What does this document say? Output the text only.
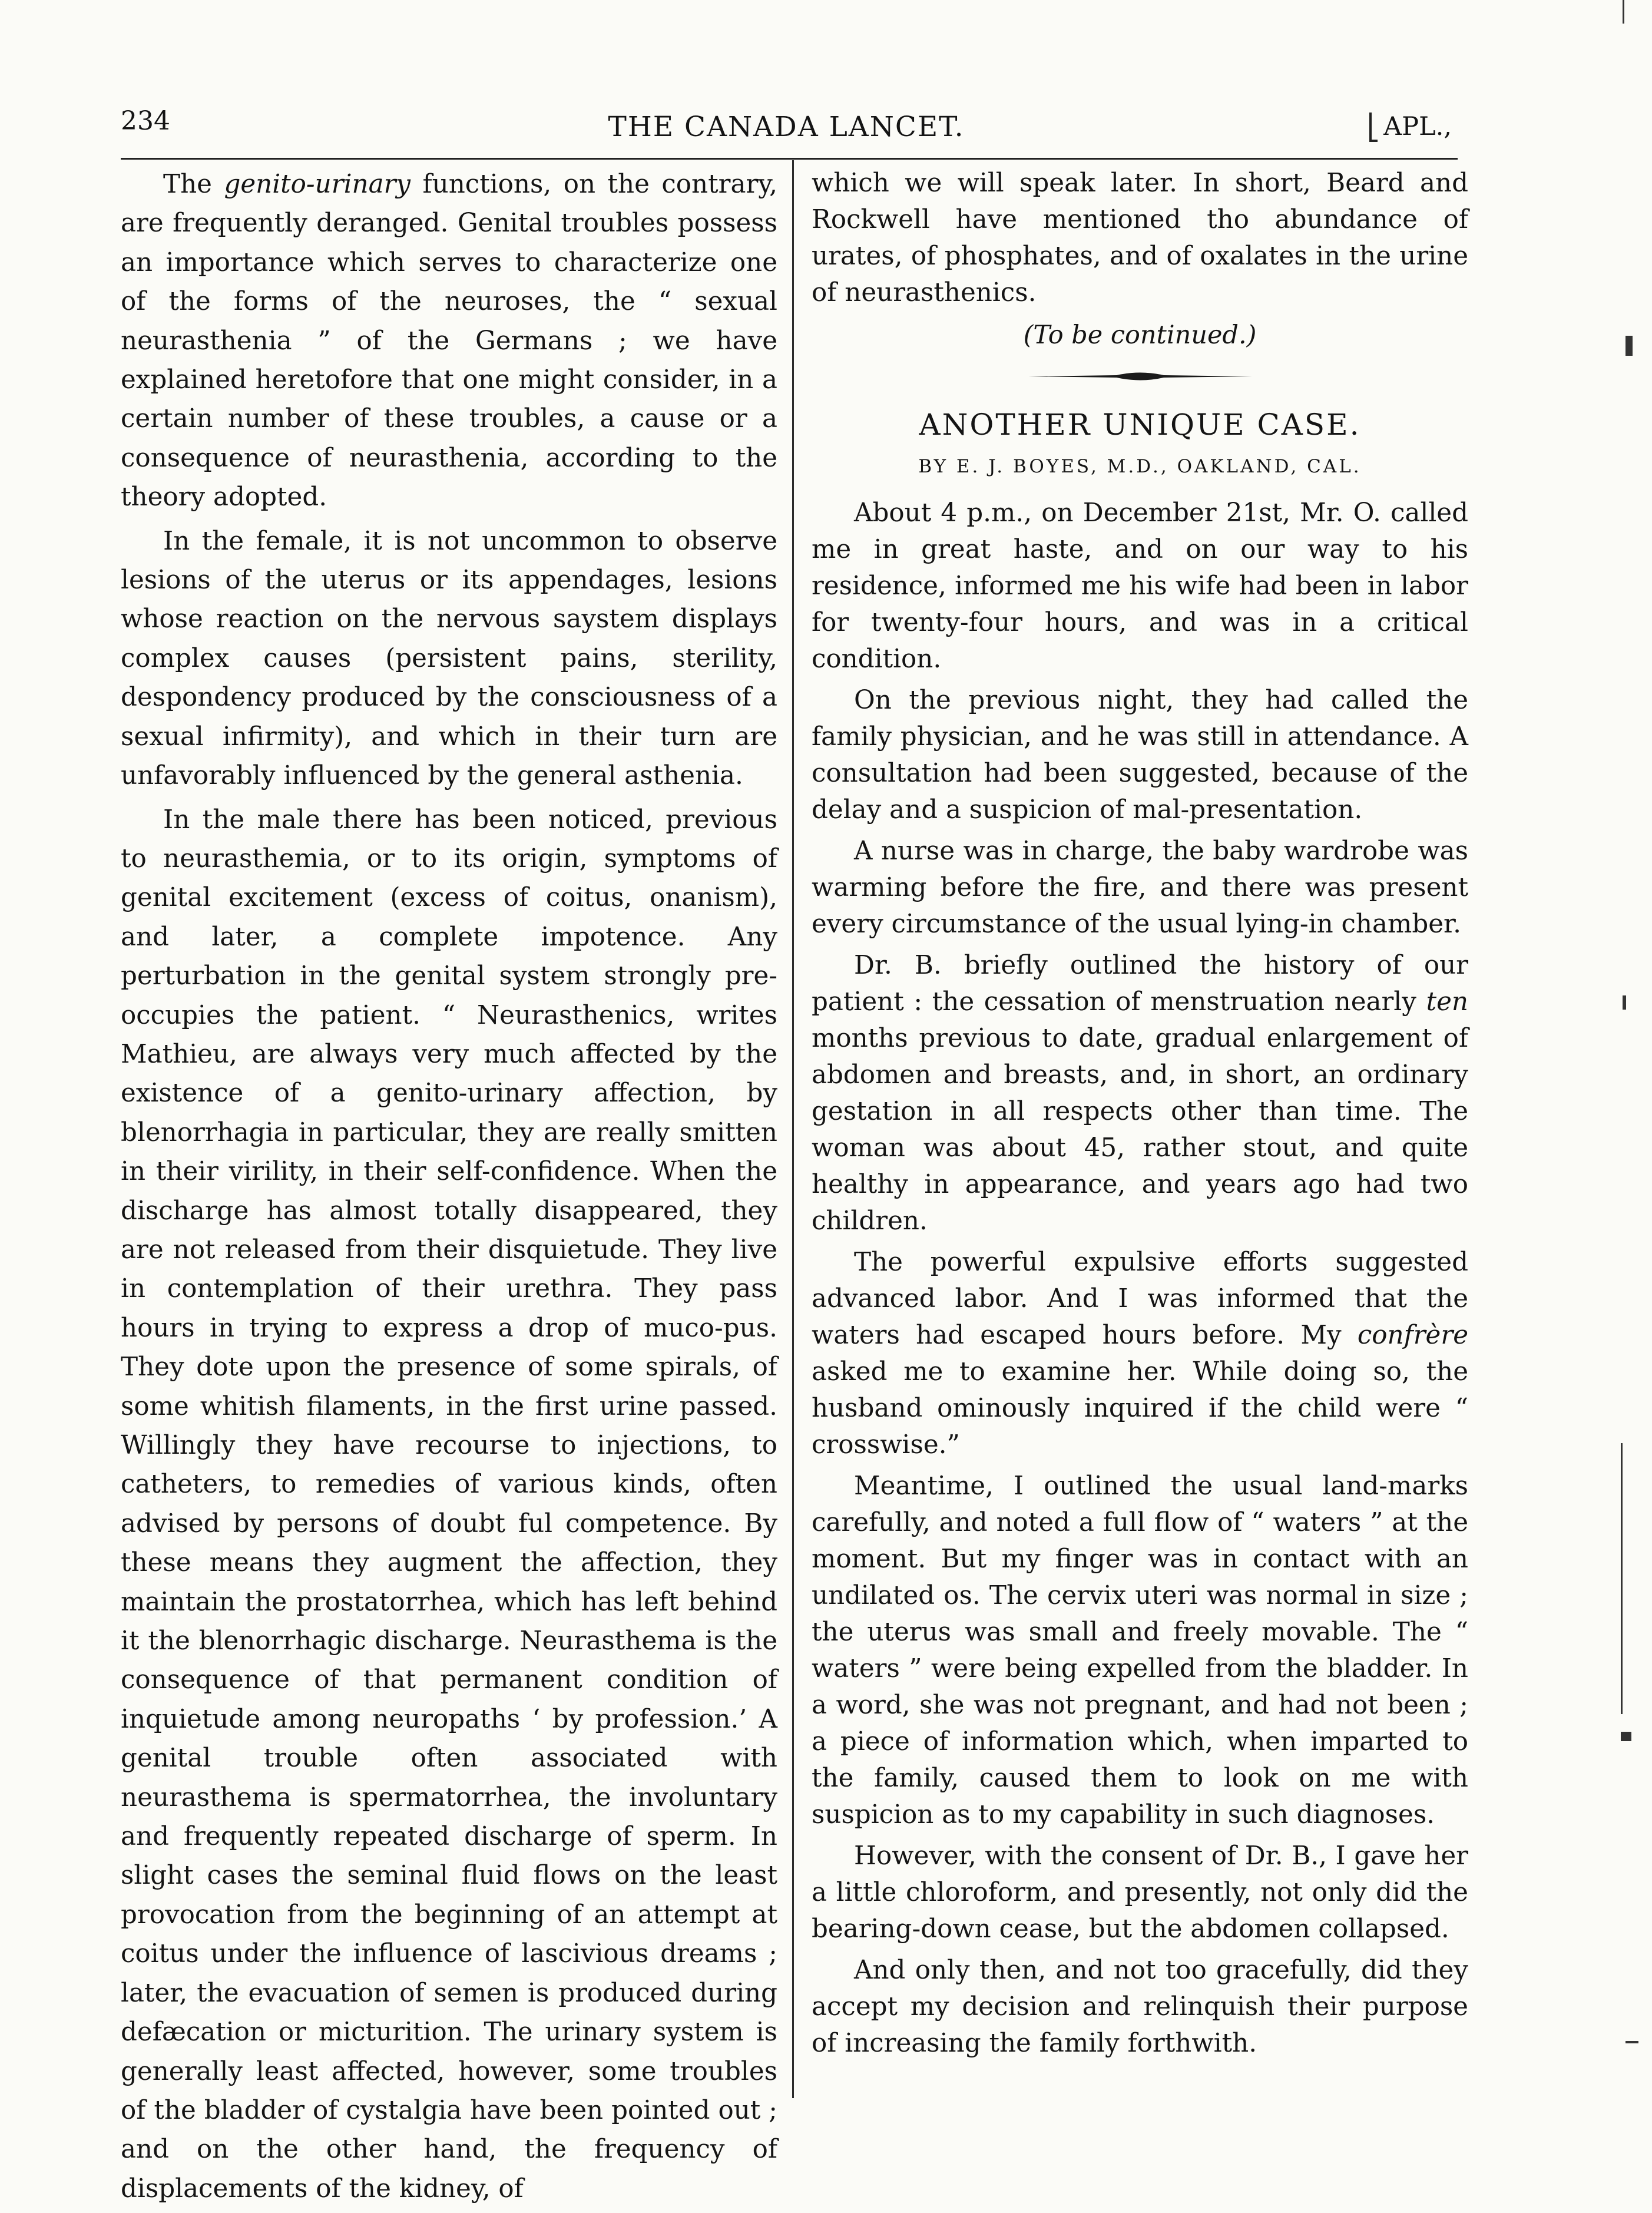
234	THE CANADA LANCET.	APL.,

The genito-urinary functions, on the contrary, are frequently deranged. Genital troubles possess an importance which serves to characterize one of the forms of the neuroses, the “ sexual neurasthenia ” of the Germans ; we have explained heretofore that one might consider, in a certain number of these troubles, a cause or a consequence of neurasthenia, according to the theory adopted.

In the female, it is not uncommon to observe lesions of the uterus or its appendages, lesions whose reaction on the nervous saystem displays complex causes (persistent pains, sterility, despondency produced by the consciousness of a sexual infirmity), and which in their turn are unfavorably influenced by the general asthenia.

In the male there has been noticed, previous to neurasthemia, or to its origin, symptoms of genital excitement (excess of coitus, onanism), and later, a complete impotence. Any perturbation in the genital system strongly pre-occupies the patient. “ Neurasthenics, writes Mathieu, are always very much affected by the existence of a genito-urinary affection, by blenorrhagia in particular, they are really smitten in their virility, in their self-confidence. When the discharge has almost totally disappeared, they are not released from their disquietude. They live in contemplation of their urethra. They pass hours in trying to express a drop of muco-pus. They dote upon the presence of some spirals, of some whitish filaments, in the first urine passed. Willingly they have recourse to injections, to catheters, to remedies of various kinds, often advised by persons of doubt ful competence. By these means they augment the affection, they maintain the prostatorrhea, which has left behind it the blenorrhagic discharge. Neurasthema is the consequence of that permanent condition of inquietude among neuropaths ‘ by profession.’ A genital trouble often associated with neurasthema is spermatorrhea, the involuntary and frequently repeated discharge of sperm. In slight cases the seminal fluid flows on the least provocation from the beginning of an attempt at coitus under the influence of lascivious dreams ; later, the evacuation of semen is produced during defæcation or micturition. The urinary system is generally least affected, however, some troubles of the bladder of cystalgia have been pointed out ; and on the other hand, the frequency of displacements of the kidney, of

which we will speak later. In short, Beard and Rockwell have mentioned tho abundance of urates, of phosphates, and of oxalates in the urine of neurasthenics.

(To be continued.)
ANOTHER UNIQUE CASE.
BY E. J. BOYES, M.D., OAKLAND, CAL.

About 4 p.m., on December 21st, Mr. O. called me in great haste, and on our way to his residence, informed me his wife had been in labor for twenty-four hours, and was in a critical condition.

On the previous night, they had called the family physician, and he was still in attendance. A consultation had been suggested, because of the delay and a suspicion of mal-presentation.

A nurse was in charge, the baby wardrobe was warming before the fire, and there was present every circumstance of the usual lying-in chamber.

Dr. B. briefly outlined the history of our patient : the cessation of menstruation nearly ten months previous to date, gradual enlargement of abdomen and breasts, and, in short, an ordinary gestation in all respects other than time. The woman was about 45, rather stout, and quite healthy in appearance, and years ago had two children.

The powerful expulsive efforts suggested advanced labor. And I was informed that the waters had escaped hours before. My confrère asked me to examine her. While doing so, the husband ominously inquired if the child were “ crosswise.”

Meantime, I outlined the usual land-marks carefully, and noted a full flow of “ waters ” at the moment. But my finger was in contact with an undilated os. The cervix uteri was normal in size ; the uterus was small and freely movable. The “ waters ” were being expelled from the bladder. In a word, she was not pregnant, and had not been ; a piece of information which, when imparted to the family, caused them to look on me with suspicion as to my capability in such diagnoses.

However, with the consent of Dr. B., I gave her a little chloroform, and presently, not only did the bearing-down cease, but the abdomen collapsed.

And only then, and not too gracefully, did they accept my decision and relinquish their purpose of increasing the family forthwith.
